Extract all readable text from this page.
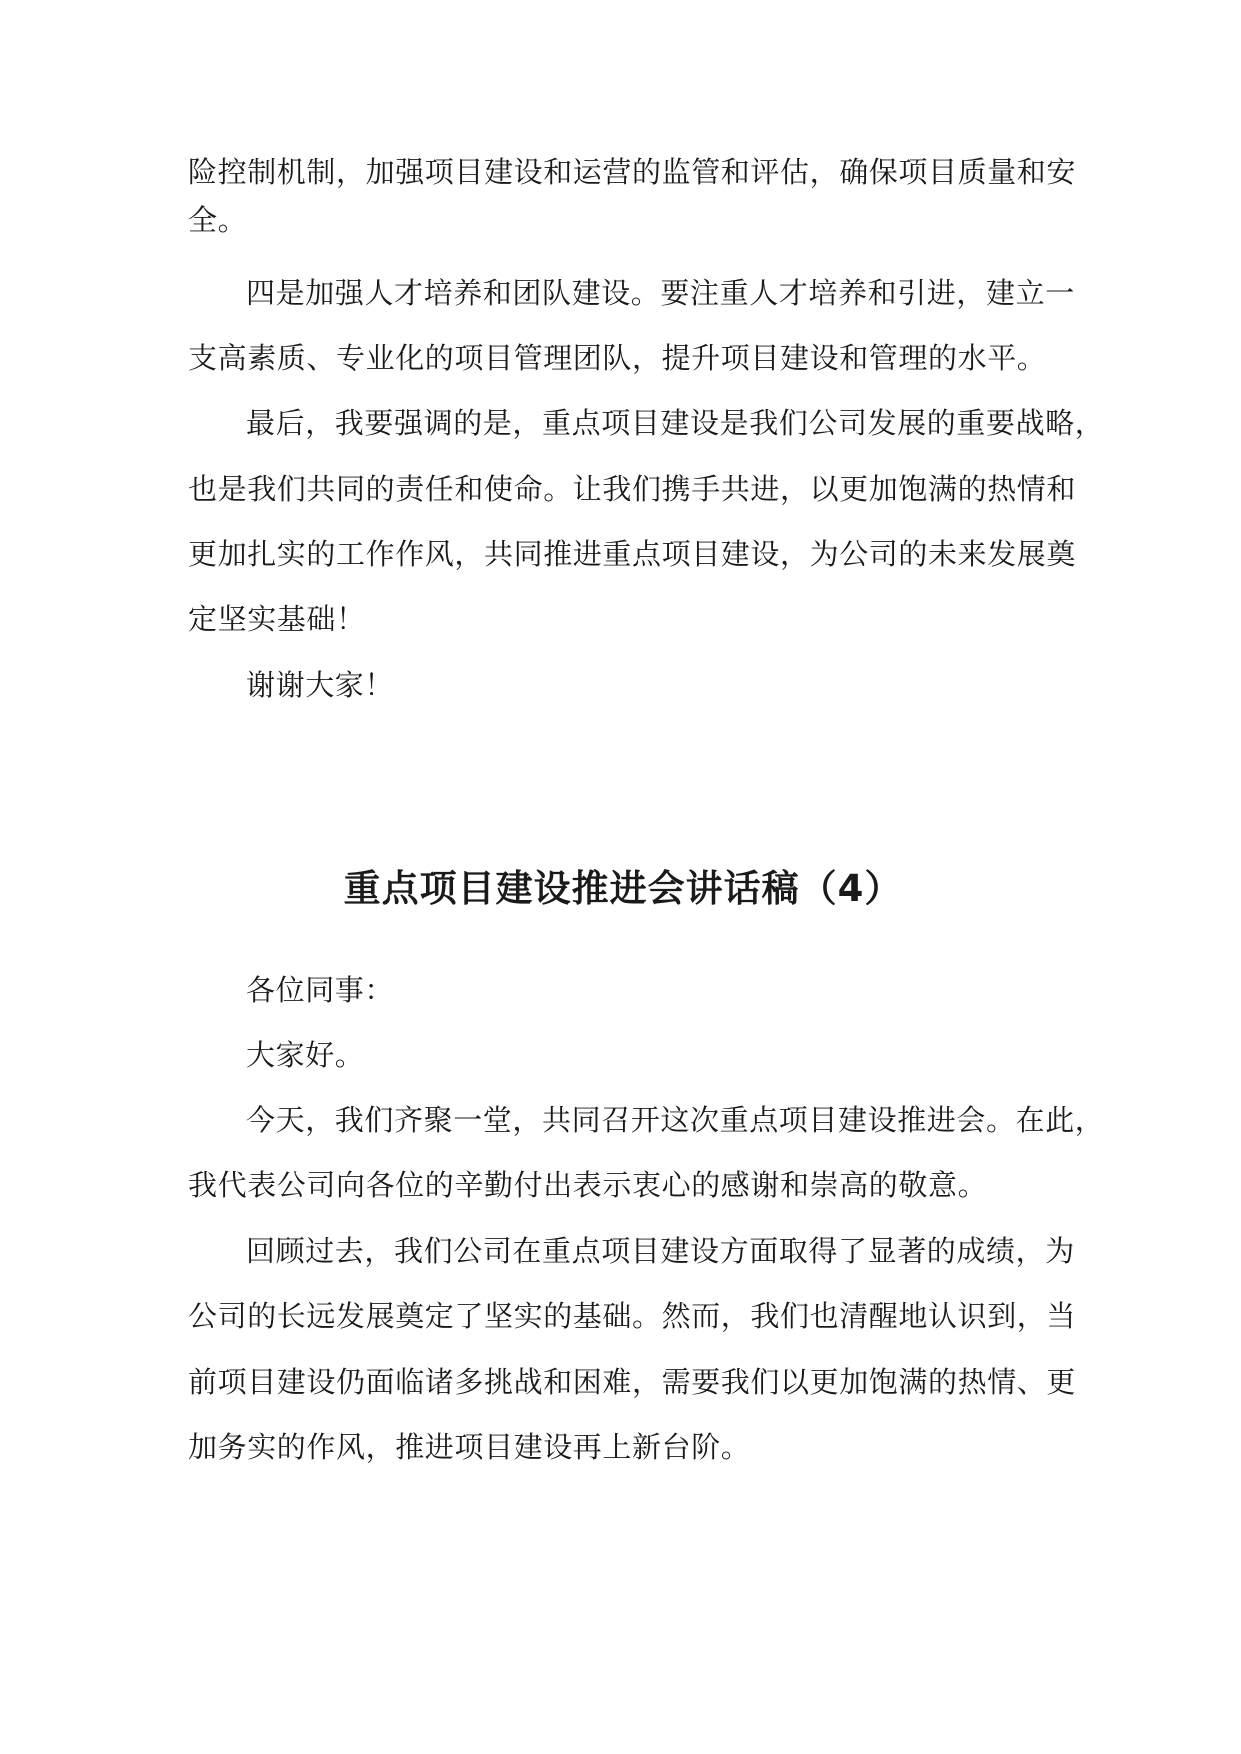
险控制机制，加强项目建设和运营的监管和评估，确保项目质量和安
全。
四是加强人才培养和团队建设。要注重人才培养和引进，建立一
支高素质、专业化的项目管理团队，提升项目建设和管理的水平。
最后，我要强调的是，重点项目建设是我们公司发展的重要战略，
也是我们共同的责任和使命。让我们携手共进，以更加饱满的热情和
更加扎实的工作作风，共同推进重点项目建设，为公司的未来发展奠
定坚实基础！
谢谢大家！
重点项目建设推进会讲话稿（4）
各位同事：
大家好。
今天，我们齐聚一堂，共同召开这次重点项目建设推进会。在此，
我代表公司向各位的辛勤付出表示衷心的感谢和崇高的敬意。
回顾过去，我们公司在重点项目建设方面取得了显著的成绩，为
公司的长远发展奠定了坚实的基础。然而，我们也清醒地认识到，当
前项目建设仍面临诸多挑战和困难，需要我们以更加饱满的热情、更
加务实的作风，推进项目建设再上新台阶。
